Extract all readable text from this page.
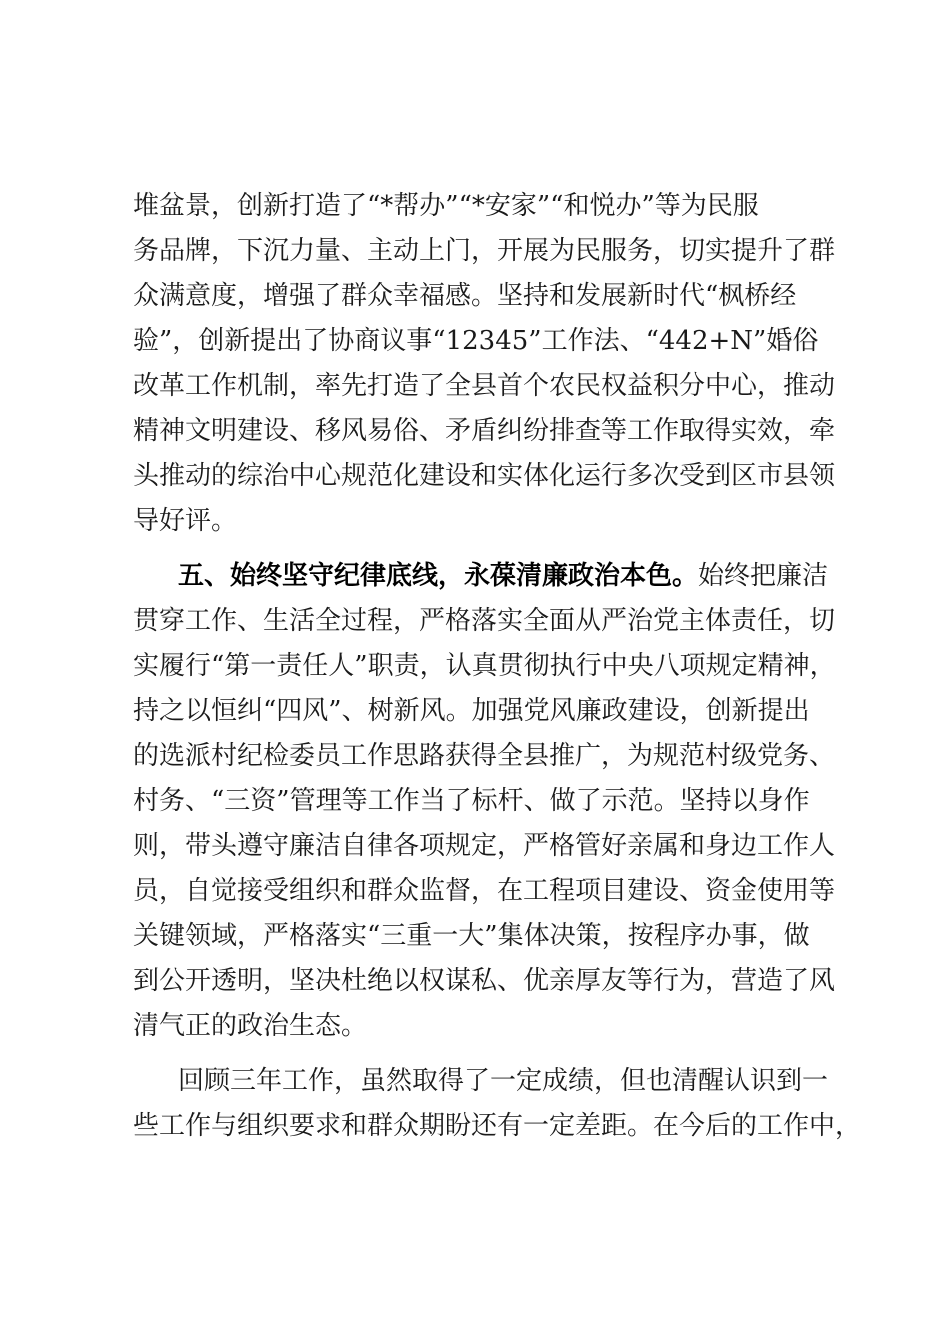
堆盆景，创新打造了“*帮办”“*安家”“和悦办”等为民服
务品牌，下沉力量、主动上门，开展为民服务，切实提升了群
众满意度，增强了群众幸福感。坚持和发展新时代“枫桥经
验”，创新提出了协商议事“12345”工作法、“442+N”婚俗
改革工作机制，率先打造了全县首个农民权益积分中心，推动
精神文明建设、移风易俗、矛盾纠纷排查等工作取得实效，牵
头推动的综治中心规范化建设和实体化运行多次受到区市县领
导好评。
五、始终坚守纪律底线，永葆清廉政治本色。始终把廉洁
贯穿工作、生活全过程，严格落实全面从严治党主体责任，切
实履行“第一责任人”职责，认真贯彻执行中央八项规定精神，
持之以恒纠“四风”、树新风。加强党风廉政建设，创新提出
的选派村纪检委员工作思路获得全县推广，为规范村级党务、
村务、“三资”管理等工作当了标杆、做了示范。坚持以身作
则，带头遵守廉洁自律各项规定，严格管好亲属和身边工作人
员，自觉接受组织和群众监督，在工程项目建设、资金使用等
关键领域，严格落实“三重一大”集体决策，按程序办事，做
到公开透明，坚决杜绝以权谋私、优亲厚友等行为，营造了风
清气正的政治生态。
回顾三年工作，虽然取得了一定成绩，但也清醒认识到一
些工作与组织要求和群众期盼还有一定差距。在今后的工作中，
